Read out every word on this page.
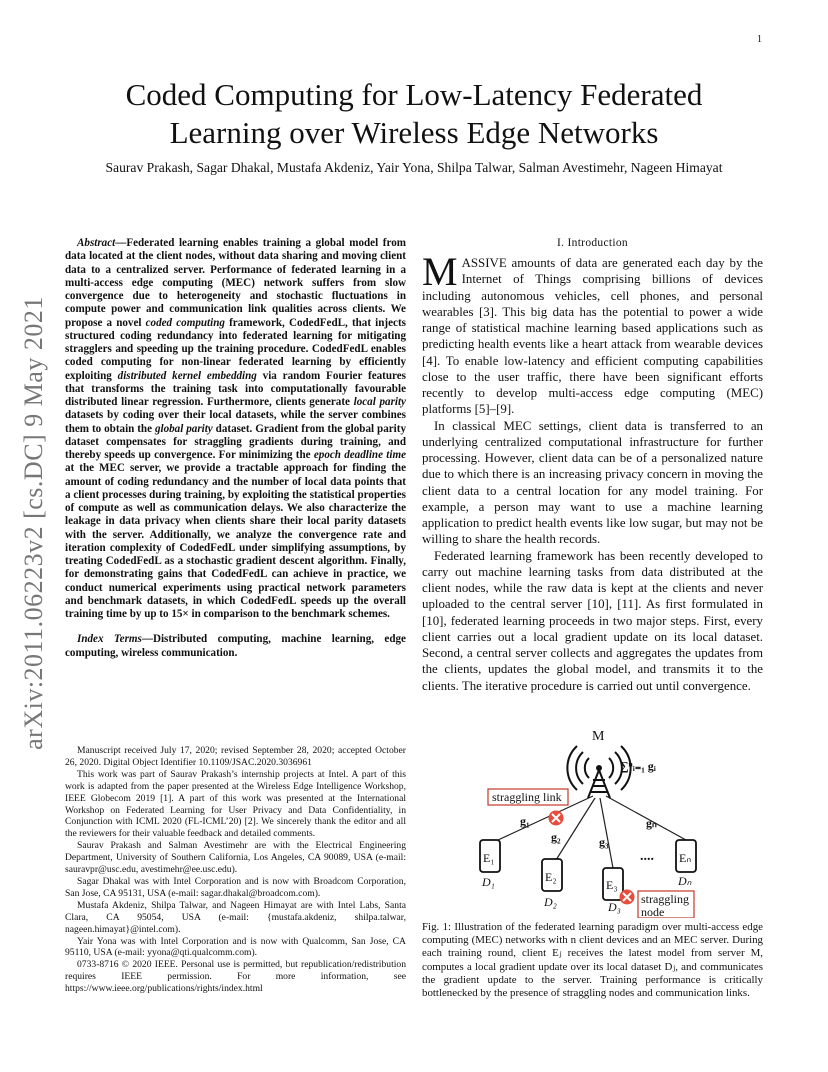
1
arXiv:2011.06223v2 [cs.DC] 9 May 2021
Coded Computing for Low-Latency Federated
Learning over Wireless Edge Networks
Saurav Prakash, Sagar Dhakal, Mustafa Akdeniz, Yair Yona, Shilpa Talwar, Salman Avestimehr, Nageen Himayat

Abstract—Federated learning enables training a global model from data located at the client nodes, without data sharing and moving client data to a centralized server. Performance of federated learning in a multi-access edge computing (MEC) network suffers from slow convergence due to heterogeneity and stochastic fluctuations in compute power and communication link qualities across clients. We propose a novel coded computing framework, CodedFedL, that injects structured coding redundancy into federated learning for mitigating stragglers and speeding up the training procedure. CodedFedL enables coded computing for non-linear federated learning by efficiently exploiting distributed kernel embedding via random Fourier features that transforms the training task into computationally favourable distributed linear regression. Furthermore, clients generate local parity datasets by coding over their local datasets, while the server combines them to obtain the global parity dataset. Gradient from the global parity dataset compensates for straggling gradients during training, and thereby speeds up convergence. For minimizing the epoch deadline time at the MEC server, we provide a tractable approach for finding the amount of coding redundancy and the number of local data points that a client processes during training, by exploiting the statistical properties of compute as well as communication delays. We also characterize the leakage in data privacy when clients share their local parity datasets with the server. Additionally, we analyze the convergence rate and iteration complexity of CodedFedL under simplifying assumptions, by treating CodedFedL as a stochastic gradient descent algorithm. Finally, for demonstrating gains that CodedFedL can achieve in practice, we conduct numerical experiments using practical network parameters and benchmark datasets, in which CodedFedL speeds up the overall training time by up to 15× in comparison to the benchmark schemes.

Index Terms—Distributed computing, machine learning, edge computing, wireless communication.

Manuscript received July 17, 2020; revised September 28, 2020; accepted October 26, 2020. Digital Object Identifier 10.1109/JSAC.2020.3036961

This work was part of Saurav Prakash’s internship projects at Intel. A part of this work is adapted from the paper presented at the Wireless Edge Intelligence Workshop, IEEE Globecom 2019 [1]. A part of this work was presented at the International Workshop on Federated Learning for User Privacy and Data Confidentiality, in Conjunction with ICML 2020 (FL-ICML’20) [2]. We sincerely thank the editor and all the reviewers for their valuable feedback and detailed comments.

Saurav Prakash and Salman Avestimehr are with the Electrical Engineering Department, University of Southern California, Los Angeles, CA 90089, USA (e-mail: sauravpr@usc.edu, avestimehr@ee.usc.edu).

Sagar Dhakal was with Intel Corporation and is now with Broadcom Corporation, San Jose, CA 95131, USA (e-mail: sagar.dhakal@broadcom.com).

Mustafa Akdeniz, Shilpa Talwar, and Nageen Himayat are with Intel Labs, Santa Clara, CA 95054, USA (e-mail: {mustafa.akdeniz, shilpa.talwar, nageen.himayat}@intel.com).

Yair Yona was with Intel Corporation and is now with Qualcomm, San Jose, CA 95110, USA (e-mail: yyona@qti.qualcomm.com).

0733-8716 © 2020 IEEE. Personal use is permitted, but republication/redistribution requires IEEE permission. For more information, see https://www.ieee.org/publications/rights/index.html

I. Introduction

MASSIVE amounts of data are generated each day by the Internet of Things comprising billions of devices including autonomous vehicles, cell phones, and personal wearables [3]. This big data has the potential to power a wide range of statistical machine learning based applications such as predicting health events like a heart attack from wearable devices [4]. To enable low-latency and efficient computing capabilities close to the user traffic, there have been significant efforts recently to develop multi-access edge computing (MEC) platforms [5]–[9].

In classical MEC settings, client data is transferred to an underlying centralized computational infrastructure for further processing. However, client data can be of a personalized nature due to which there is an increasing privacy concern in moving the client data to a central location for any model training. For example, a person may want to use a machine learning application to predict health events like low sugar, but may not be willing to share the health records.

Federated learning framework has been recently developed to carry out machine learning tasks from data distributed at the client nodes, while the raw data is kept at the clients and never uploaded to the central server [10], [11]. As first formulated in [10], federated learning proceeds in two major steps. First, every client carries out a local gradient update on its local dataset. Second, a central server collects and aggregates the updates from the clients, updates the global model, and transmits it to the clients. The iterative procedure is carried out until convergence.

M
∑ⁿᵢ₌₁ gᵢ
straggling link
g₁
g₂	g₃
gₙ
E₁
D₁	E₂
D₂
E₃
D₃
straggling
node
.... Eₙ
Dₙ
Fig. 1: Illustration of the federated learning paradigm over multi-access edge computing (MEC) networks with n client devices and an MEC server. During each training round, client Eⱼ receives the latest model from server M, computes a local gradient update over its local dataset Dⱼ, and communicates the gradient update to the server. Training performance is critically bottlenecked by the presence of straggling nodes and communication links.
